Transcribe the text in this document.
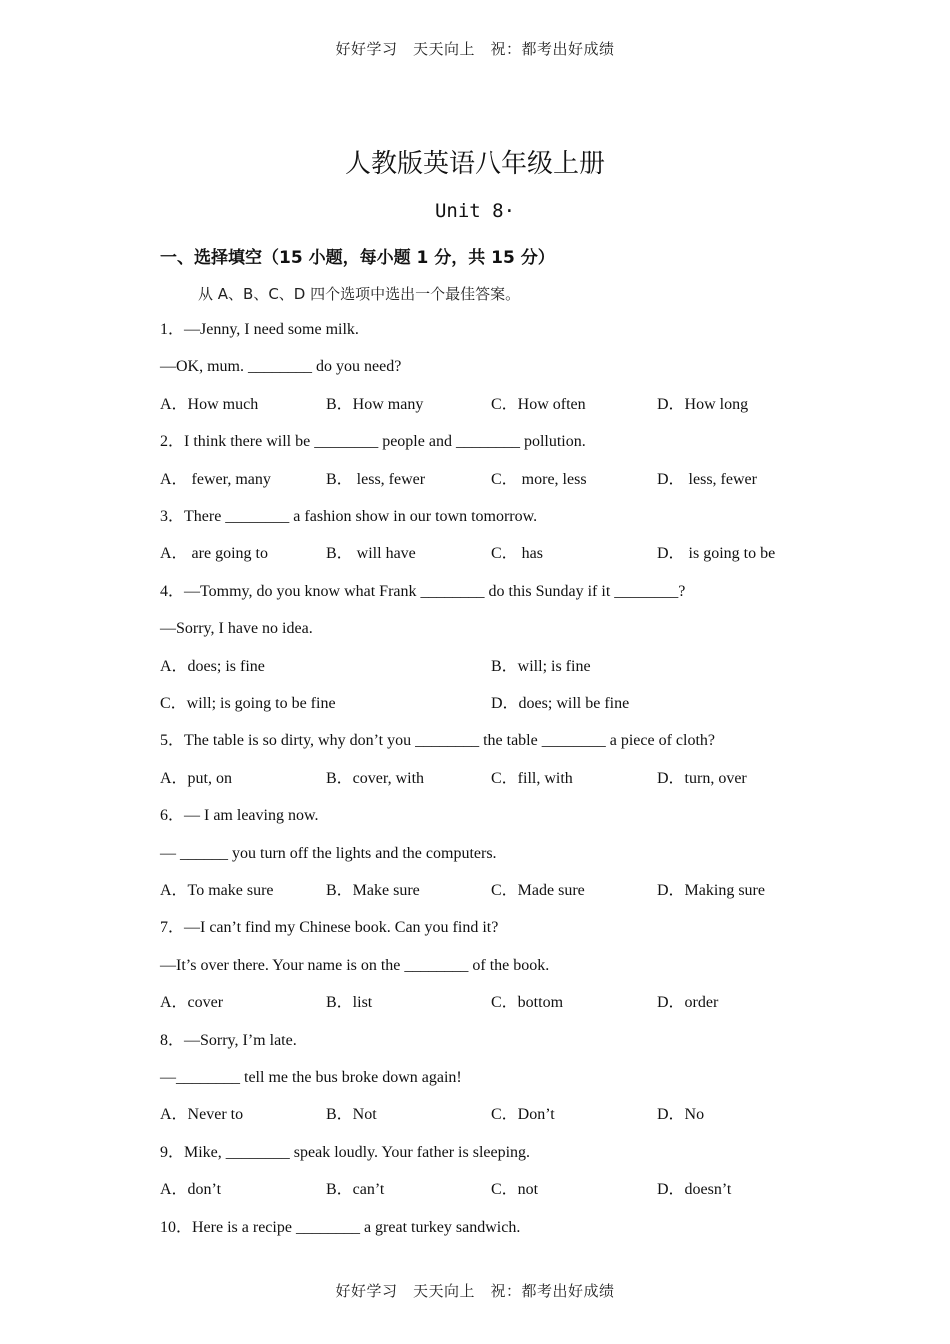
好好学习　天天向上　祝：都考出好成绩
人教版英语八年级上册
Unit 8·
一、选择填空（15 小题，每小题 1 分，共 15 分）
从 A、B、C、D 四个选项中选出一个最佳答案。
1．—Jenny, I need some milk.
—OK, mum. ________ do you need?
A．How much	B．How many	C．How often	D．How long
2．I think there will be ________ people and ________ pollution.
A． fewer, many	B． less, fewer	C． more, less	D． less, fewer
3．There ________ a fashion show in our town tomorrow.
A． are going to	B． will have	C． has	D． is going to be
4．—Tommy, do you know what Frank ________ do this Sunday if it ________?
—Sorry, I have no idea.
A．does; is fine	B．will; is fine
C．will; is going to be fine	D．does; will be fine
5．The table is so dirty, why don’t you ________ the table ________ a piece of cloth?
A．put, on	B．cover, with	C．fill, with	D．turn, over
6．— I am leaving now.
— ______ you turn off the lights and the computers.
A．To make sure	B．Make sure	C．Made sure	D．Making sure
7．—I can’t find my Chinese book. Can you find it?
—It’s over there. Your name is on the ________ of the book.
A．cover	B．list	C．bottom	D．order
8．—Sorry, I’m late.
—________ tell me the bus broke down again!
A．Never to	B．Not	C．Don’t	D．No
9．Mike, ________ speak loudly. Your father is sleeping.
A．don’t	B．can’t	C．not	D．doesn’t
10．Here is a recipe ________ a great turkey sandwich.
好好学习　天天向上　祝：都考出好成绩
